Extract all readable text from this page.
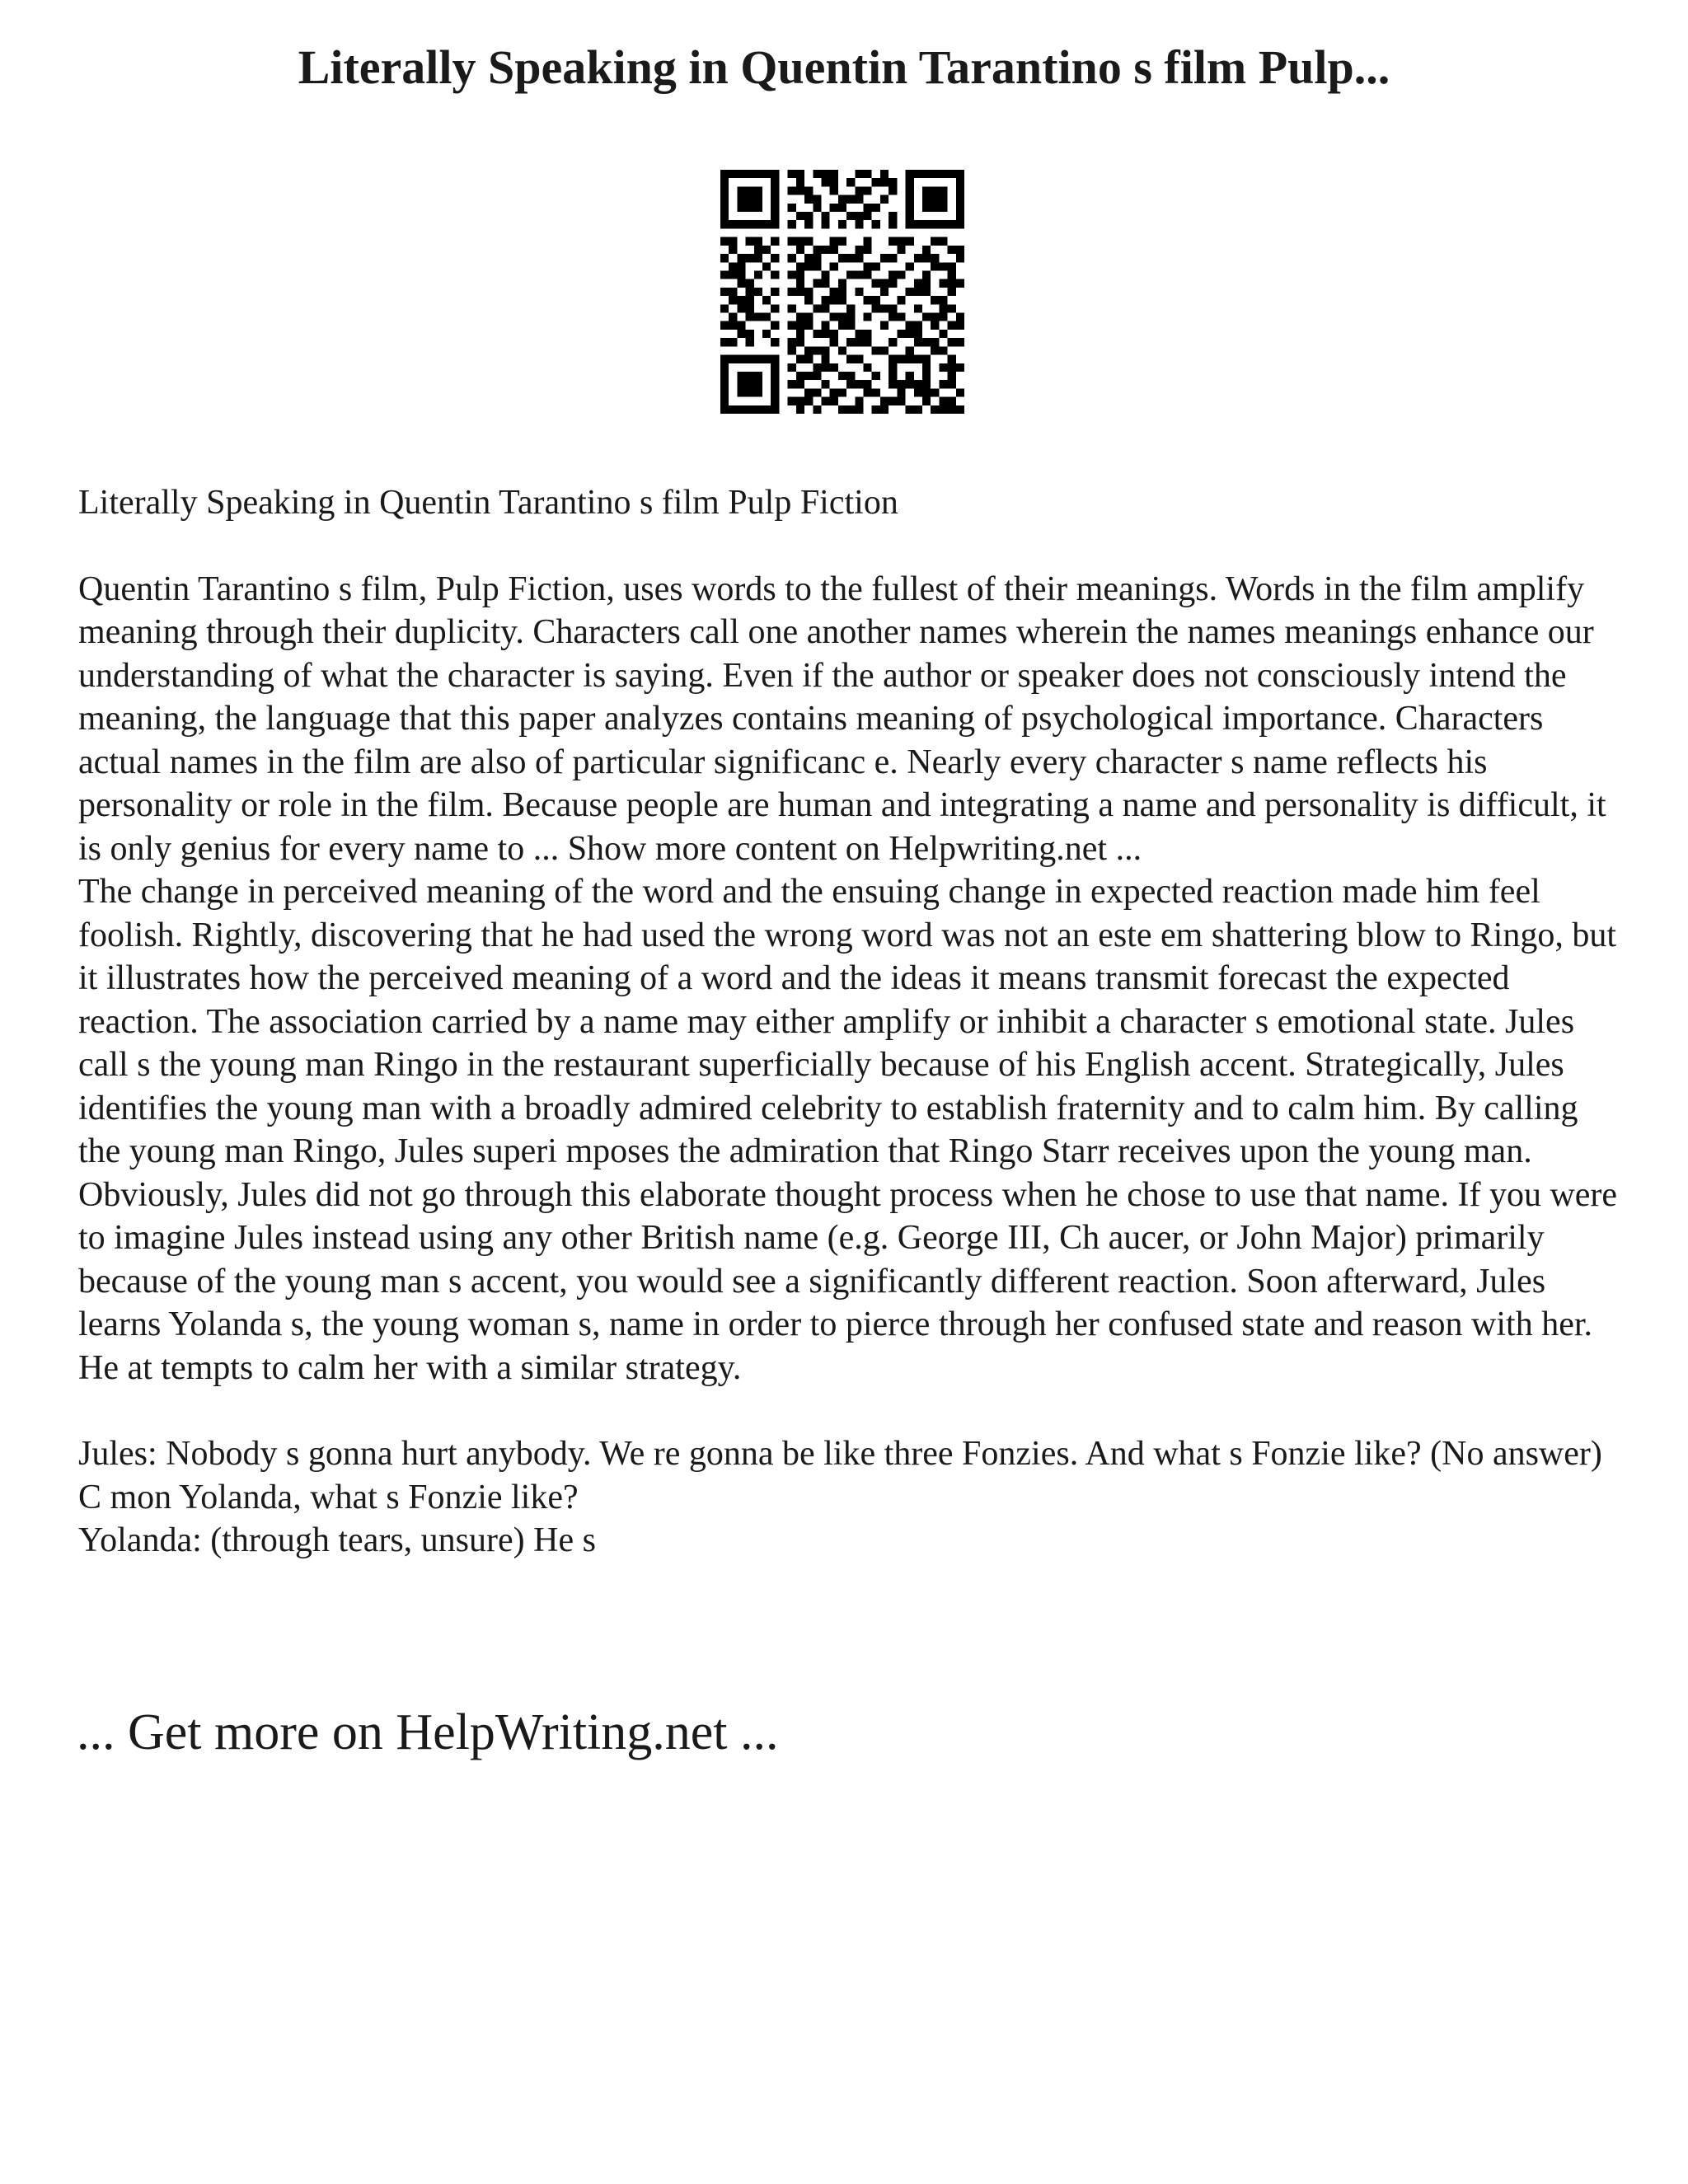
Literally Speaking in Quentin Tarantino s film Pulp...

Literally Speaking in Quentin Tarantino s film Pulp Fiction

Quentin Tarantino s film, Pulp Fiction, uses words to the fullest of their meanings. Words in the film amplify meaning through their duplicity. Characters call one another names wherein the names meanings enhance our understanding of what the character is saying. Even if the author or speaker does not consciously intend the meaning, the language that this paper analyzes contains meaning of psychological importance. Characters actual names in the film are also of particular significanc e. Nearly every character s name reflects his personality or role in the film. Because people are human and integrating a name and personality is difficult, it is only genius for every name to ... Show more content on Helpwriting.net ...

The change in perceived meaning of the word and the ensuing change in expected reaction made him feel foolish. Rightly, discovering that he had used the wrong word was not an este em shattering blow to Ringo, but it illustrates how the perceived meaning of a word and the ideas it means transmit forecast the expected reaction. The association carried by a name may either amplify or inhibit a character s emotional state. Jules call s the young man Ringo in the restaurant superficially because of his English accent. Strategically, Jules identifies the young man with a broadly admired celebrity to establish fraternity and to calm him. By calling the young man Ringo, Jules superi mposes the admiration that Ringo Starr receives upon the young man. Obviously, Jules did not go through this elaborate thought process when he chose to use that name. If you were to imagine Jules instead using any other British name (e.g. George III, Ch aucer, or John Major) primarily because of the young man s accent, you would see a significantly different reaction. Soon afterward, Jules learns Yolanda s, the young woman s, name in order to pierce through her confused state and reason with her. He at tempts to calm her with a similar strategy.

Jules: Nobody s gonna hurt anybody. We re gonna be like three Fonzies. And what s Fonzie like? (No answer) C mon Yolanda, what s Fonzie like?

Yolanda: (through tears, unsure) He s

... Get more on HelpWriting.net ...
